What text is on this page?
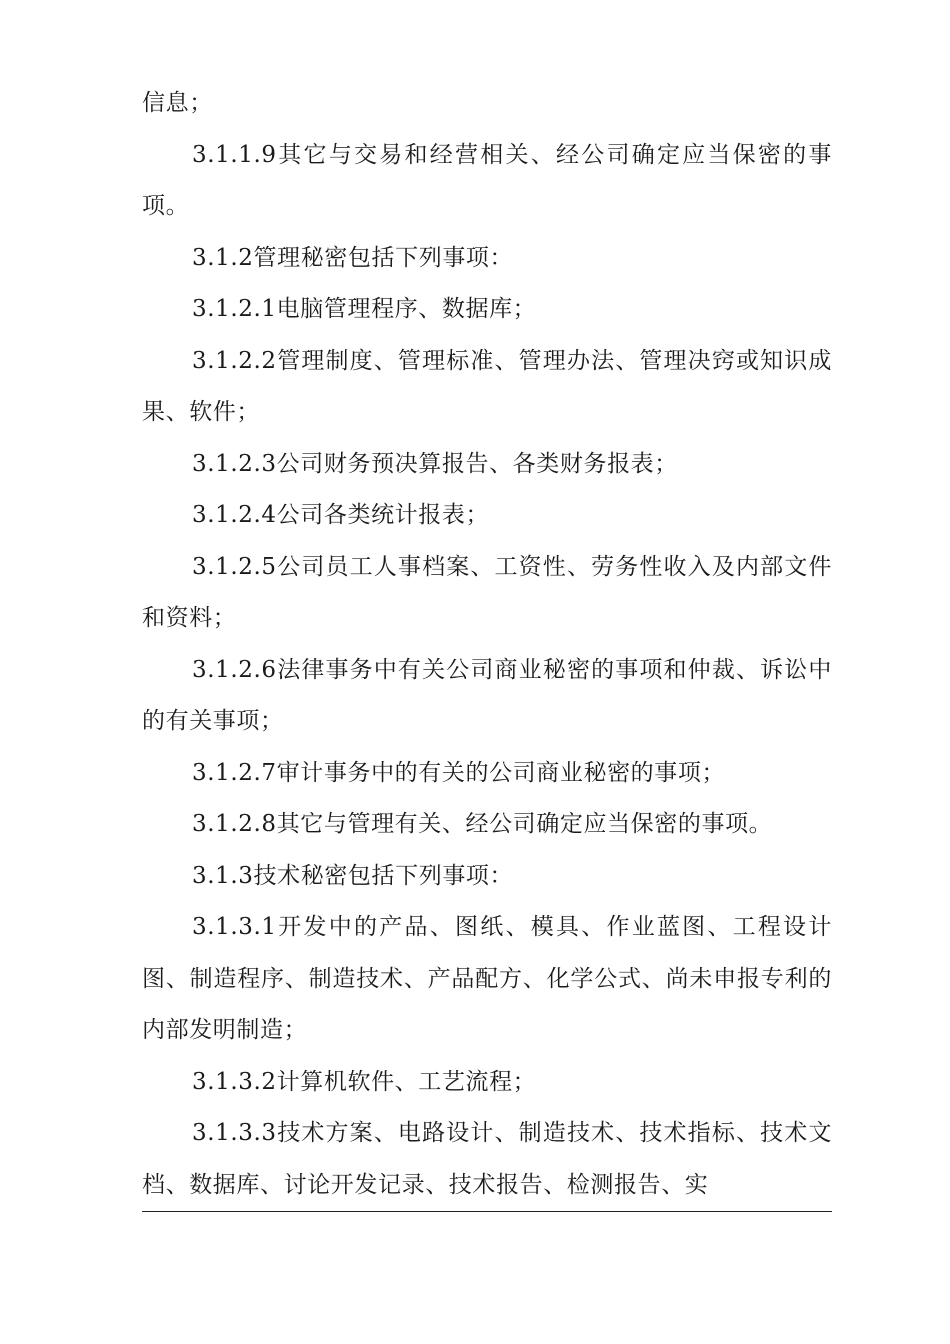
信息；

3.1.1.9其它与交易和经营相关、经公司确定应当保密的事项。

3.1.2管理秘密包括下列事项：

3.1.2.1电脑管理程序、数据库；

3.1.2.2管理制度、管理标准、管理办法、管理决窍或知识成果、软件；

3.1.2.3公司财务预决算报告、各类财务报表；

3.1.2.4公司各类统计报表；

3.1.2.5公司员工人事档案、工资性、劳务性收入及内部文件和资料；

3.1.2.6法律事务中有关公司商业秘密的事项和仲裁、诉讼中的有关事项；

3.1.2.7审计事务中的有关的公司商业秘密的事项；

3.1.2.8其它与管理有关、经公司确定应当保密的事项。

3.1.3技术秘密包括下列事项：

3.1.3.1开发中的产品、图纸、模具、作业蓝图、工程设计图、制造程序、制造技术、产品配方、化学公式、尚未申报专利的内部发明制造；

3.1.3.2计算机软件、工艺流程；

3.1.3.3技术方案、电路设计、制造技术、技术指标、技术文档、数据库、讨论开发记录、技术报告、检测报告、实
